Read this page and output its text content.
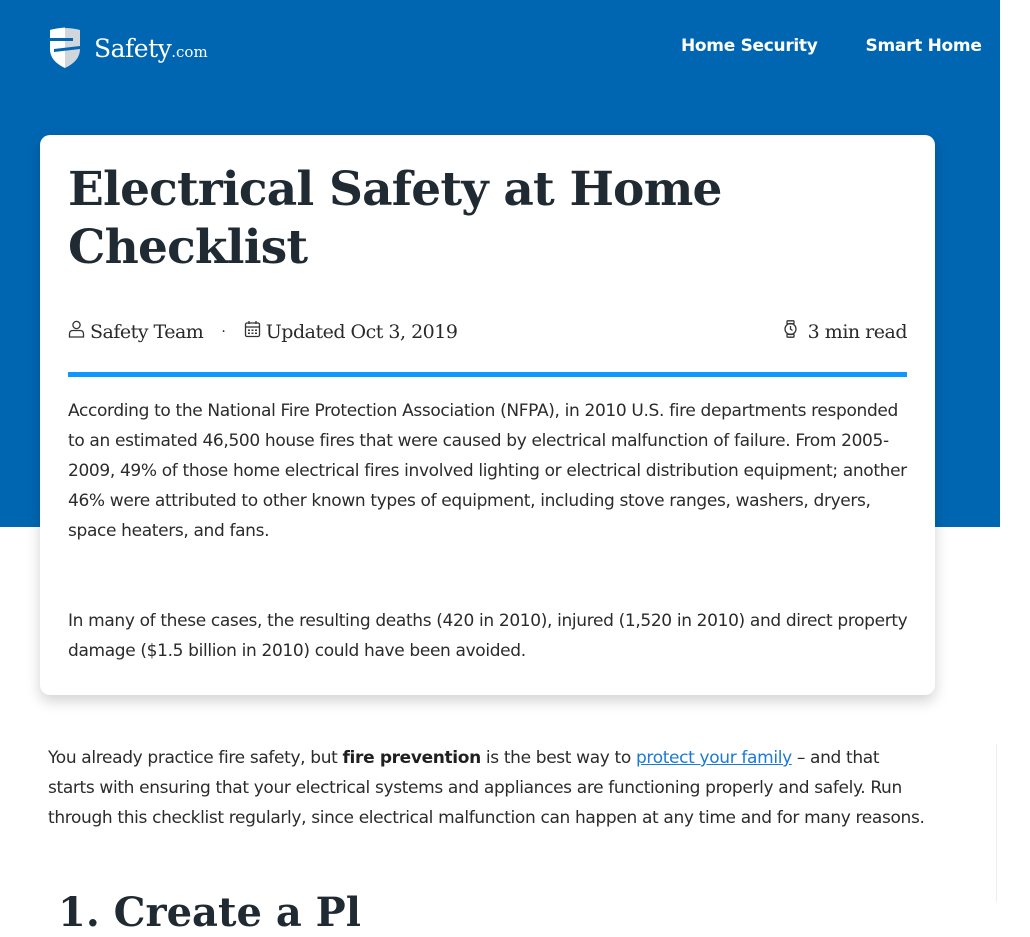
Safety.com	Home Security	Smart Home
Electrical Safety at Home Checklist
Safety Team · Updated Oct 3, 2019	3 min read

According to the National Fire Protection Association (NFPA), in 2010 U.S. fire departments responded to an estimated 46,500 house fires that were caused by electrical malfunction of failure. From 2005-2009, 49% of those home electrical fires involved lighting or electrical distribution equipment; another 46% were attributed to other known types of equipment, including stove ranges, washers, dryers, space heaters, and fans.

In many of these cases, the resulting deaths (420 in 2010), injured (1,520 in 2010) and direct property damage ($1.5 billion in 2010) could have been avoided.

You already practice fire safety, but fire prevention is the best way to protect your family – and that starts with ensuring that your electrical systems and appliances are functioning properly and safely. Run through this checklist regularly, since electrical malfunction can happen at any time and for many reasons.

1. Create a Pl
